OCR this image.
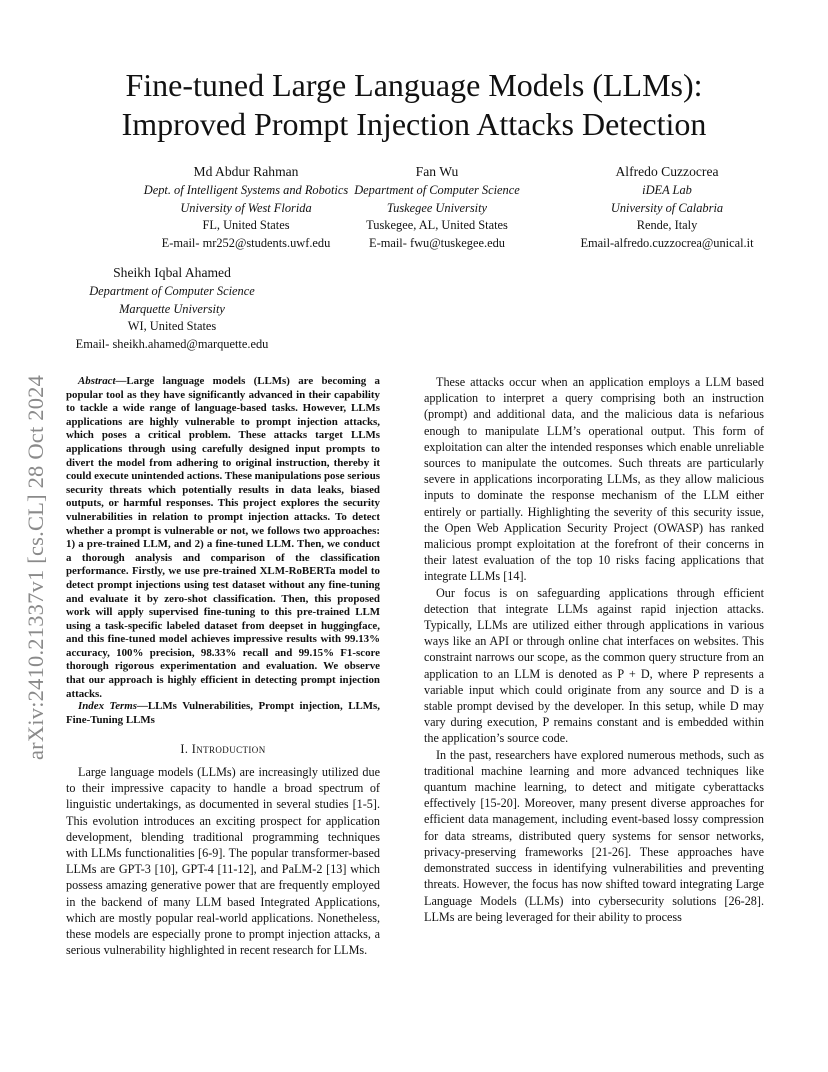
arXiv:2410.21337v1 [cs.CL] 28 Oct 2024
Fine-tuned Large Language Models (LLMs):
Improved Prompt Injection Attacks Detection
Md Abdur Rahman
Dept. of Intelligent Systems and Robotics
University of West Florida
FL, United States
E-mail- mr252@students.uwf.edu
Fan Wu
Department of Computer Science
Tuskegee University
Tuskegee, AL, United States
E-mail- fwu@tuskegee.edu
Alfredo Cuzzocrea
iDEA Lab
University of Calabria
Rende, Italy
Email-alfredo.cuzzocrea@unical.it
Sheikh Iqbal Ahamed
Department of Computer Science
Marquette University
WI, United States
Email- sheikh.ahamed@marquette.edu

Abstract—Large language models (LLMs) are becoming a popular tool as they have significantly advanced in their capability to tackle a wide range of language-based tasks. However, LLMs applications are highly vulnerable to prompt injection attacks, which poses a critical problem. These attacks target LLMs applications through using carefully designed input prompts to divert the model from adhering to original instruction, thereby it could execute unintended actions. These manipulations pose serious security threats which potentially results in data leaks, biased outputs, or harmful responses. This project explores the security vulnerabilities in relation to prompt injection attacks. To detect whether a prompt is vulnerable or not, we follows two approaches: 1) a pre-trained LLM, and 2) a fine-tuned LLM. Then, we conduct a thorough analysis and comparison of the classification performance. Firstly, we use pre-trained XLM-RoBERTa model to detect prompt injections using test dataset without any fine-tuning and evaluate it by zero-shot classification. Then, this proposed work will apply supervised fine-tuning to this pre-trained LLM using a task-specific labeled dataset from deepset in huggingface, and this fine-tuned model achieves impressive results with 99.13% accuracy, 100% precision, 98.33% recall and 99.15% F1-score thorough rigorous experimentation and evaluation. We observe that our approach is highly efficient in detecting prompt injection attacks.

Index Terms—LLMs Vulnerabilities, Prompt injection, LLMs, Fine-Tuning LLMs

I. Introduction

Large language models (LLMs) are increasingly utilized due to their impressive capacity to handle a broad spectrum of linguistic undertakings, as documented in several studies [1-5]. This evolution introduces an exciting prospect for application development, blending traditional programming techniques with LLMs functionalities [6-9]. The popular transformer-based LLMs are GPT-3 [10], GPT-4 [11-12], and PaLM-2 [13] which possess amazing generative power that are frequently employed in the backend of many LLM based Integrated Applications, which are mostly popular real-world applications. Nonetheless, these models are especially prone to prompt injection attacks, a serious vulnerability highlighted in recent research for LLMs.

These attacks occur when an application employs a LLM based application to interpret a query comprising both an instruction (prompt) and additional data, and the malicious data is nefarious enough to manipulate LLM’s operational output. This form of exploitation can alter the intended responses which enable unreliable sources to manipulate the outcomes. Such threats are particularly severe in applications incorporating LLMs, as they allow malicious inputs to dominate the response mechanism of the LLM either entirely or partially. Highlighting the severity of this security issue, the Open Web Application Security Project (OWASP) has ranked malicious prompt exploitation at the forefront of their concerns in their latest evaluation of the top 10 risks facing applications that integrate LLMs [14].

Our focus is on safeguarding applications through efficient detection that integrate LLMs against rapid injection attacks. Typically, LLMs are utilized either through applications in various ways like an API or through online chat interfaces on websites. This constraint narrows our scope, as the common query structure from an application to an LLM is denoted as P + D, where P represents a variable input which could originate from any source and D is a stable prompt devised by the developer. In this setup, while D may vary during execution, P remains constant and is embedded within the application’s source code.

In the past, researchers have explored numerous methods, such as traditional machine learning and more advanced techniques like quantum machine learning, to detect and mitigate cyberattacks effectively [15-20]. Moreover, many present diverse approaches for efficient data management, including event-based lossy compression for data streams, distributed query systems for sensor networks, privacy-preserving frameworks [21-26]. These approaches have demonstrated success in identifying vulnerabilities and preventing threats. However, the focus has now shifted toward integrating Large Language Models (LLMs) into cybersecurity solutions [26-28]. LLMs are being leveraged for their ability to process
